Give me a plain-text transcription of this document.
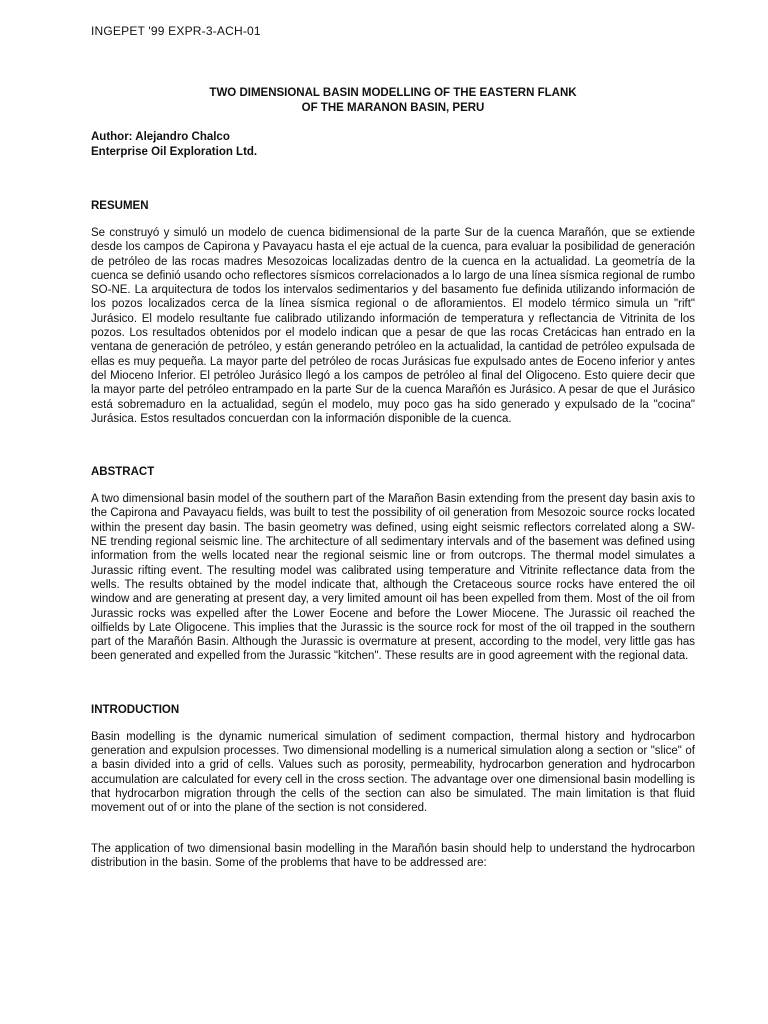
INGEPET '99 EXPR-3-ACH-01

TWO DIMENSIONAL BASIN MODELLING OF THE EASTERN FLANK

OF THE MARANON BASIN, PERU

Author: Alejandro Chalco

Enterprise Oil Exploration Ltd.

RESUMEN

Se construyó y simuló un modelo de cuenca bidimensional de la parte Sur de la cuenca Marañón, que se extiende desde los campos de Capirona y Pavayacu hasta el eje actual de la cuenca, para evaluar la posibilidad de generación de petróleo de las rocas madres Mesozoicas localizadas dentro de la cuenca en la actualidad. La geometría de la cuenca se definió usando ocho reflectores sísmicos correlacionados a lo largo de una línea sísmica regional de rumbo SO-NE. La arquitectura de todos los intervalos sedimentarios y del basamento fue definida utilizando información de los pozos localizados cerca de la línea sísmica regional o de afloramientos. El modelo térmico simula un "rift" Jurásico. El modelo resultante fue calibrado utilizando información de temperatura y reflectancia de Vitrinita de los pozos. Los resultados obtenidos por el modelo indican que a pesar de que las rocas Cretácicas han entrado en la ventana de generación de petróleo, y están generando petróleo en la actualidad, la cantidad de petróleo expulsada de ellas es muy pequeña. La mayor parte del petróleo de rocas Jurásicas fue expulsado antes de Eoceno inferior y antes del Mioceno Inferior. El petróleo Jurásico llegó a los campos de petróleo al final del Oligoceno. Esto quiere decir que la mayor parte del petróleo entrampado en la parte Sur de la cuenca Marañón es Jurásico. A pesar de que el Jurásico está sobremaduro en la actualidad, según el modelo, muy poco gas ha sido generado y expulsado de la "cocina" Jurásica. Estos resultados concuerdan con la información disponible de la cuenca.

ABSTRACT

A two dimensional basin model of the southern part of the Marañon Basin extending from the present day basin axis to the Capirona and Pavayacu fields, was built to test the possibility of oil generation from Mesozoic source rocks located within the present day basin. The basin geometry was defined, using eight seismic reflectors correlated along a SW-NE trending regional seismic line. The architecture of all sedimentary intervals and of the basement was defined using information from the wells located near the regional seismic line or from outcrops. The thermal model simulates a Jurassic rifting event. The resulting model was calibrated using temperature and Vitrinite reflectance data from the wells. The results obtained by the model indicate that, although the Cretaceous source rocks have entered the oil window and are generating at present day, a very limited amount oil has been expelled from them. Most of the oil from Jurassic rocks was expelled after the Lower Eocene and before the Lower Miocene. The Jurassic oil reached the oilfields by Late Oligocene. This implies that the Jurassic is the source rock for most of the oil trapped in the southern part of the Marañón Basin. Although the Jurassic is overmature at present, according to the model, very little gas has been generated and expelled from the Jurassic "kitchen". These results are in good agreement with the regional data.

INTRODUCTION

Basin modelling is the dynamic numerical simulation of sediment compaction, thermal history and hydrocarbon generation and expulsion processes. Two dimensional modelling is a numerical simulation along a section or "slice" of a basin divided into a grid of cells. Values such as porosity, permeability, hydrocarbon generation and hydrocarbon accumulation are calculated for every cell in the cross section. The advantage over one dimensional basin modelling is that hydrocarbon migration through the cells of the section can also be simulated. The main limitation is that fluid movement out of or into the plane of the section is not considered.

The application of two dimensional basin modelling in the Marañón basin should help to understand the hydrocarbon distribution in the basin. Some of the problems that have to be addressed are:
